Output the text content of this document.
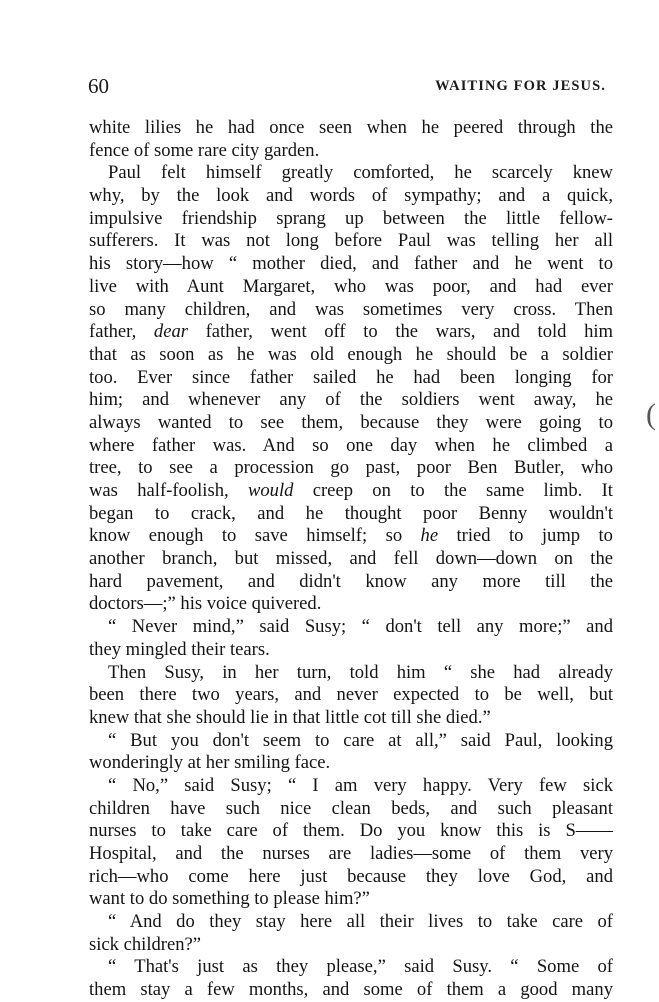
60	WAITING FOR JESUS.
white lilies he had once seen when he peered through the
fence of some rare city garden.
Paul felt himself greatly comforted, he scarcely knew
why, by the look and words of sympathy; and a quick,
impulsive friendship sprang up between the little fellow-
sufferers. It was not long before Paul was telling her all
his story—how “ mother died, and father and he went to
live with Aunt Margaret, who was poor, and had ever
so many children, and was sometimes very cross. Then
father, dear father, went off to the wars, and told him
that as soon as he was old enough he should be a soldier
too. Ever since father sailed he had been longing for
him; and whenever any of the soldiers went away, he
always wanted to see them, because they were going to
where father was. And so one day when he climbed a
tree, to see a procession go past, poor Ben Butler, who
was half-foolish, would creep on to the same limb. It
began to crack, and he thought poor Benny wouldn't
know enough to save himself; so he tried to jump to
another branch, but missed, and fell down—down on the
hard pavement, and didn't know any more till the
doctors—;” his voice quivered.
“ Never mind,” said Susy; “ don't tell any more;” and
they mingled their tears.
Then Susy, in her turn, told him “ she had already
been there two years, and never expected to be well, but
knew that she should lie in that little cot till she died.”
“ But you don't seem to care at all,” said Paul, looking
wonderingly at her smiling face.
“ No,” said Susy; “ I am very happy. Very few sick
children have such nice clean beds, and such pleasant
nurses to take care of them. Do you know this is S——
Hospital, and the nurses are ladies—some of them very
rich—who come here just because they love God, and
want to do something to please him?”
“ And do they stay here all their lives to take care of
sick children?”
“ That's just as they please,” said Susy. “ Some of
them stay a few months, and some of them a good many
(
